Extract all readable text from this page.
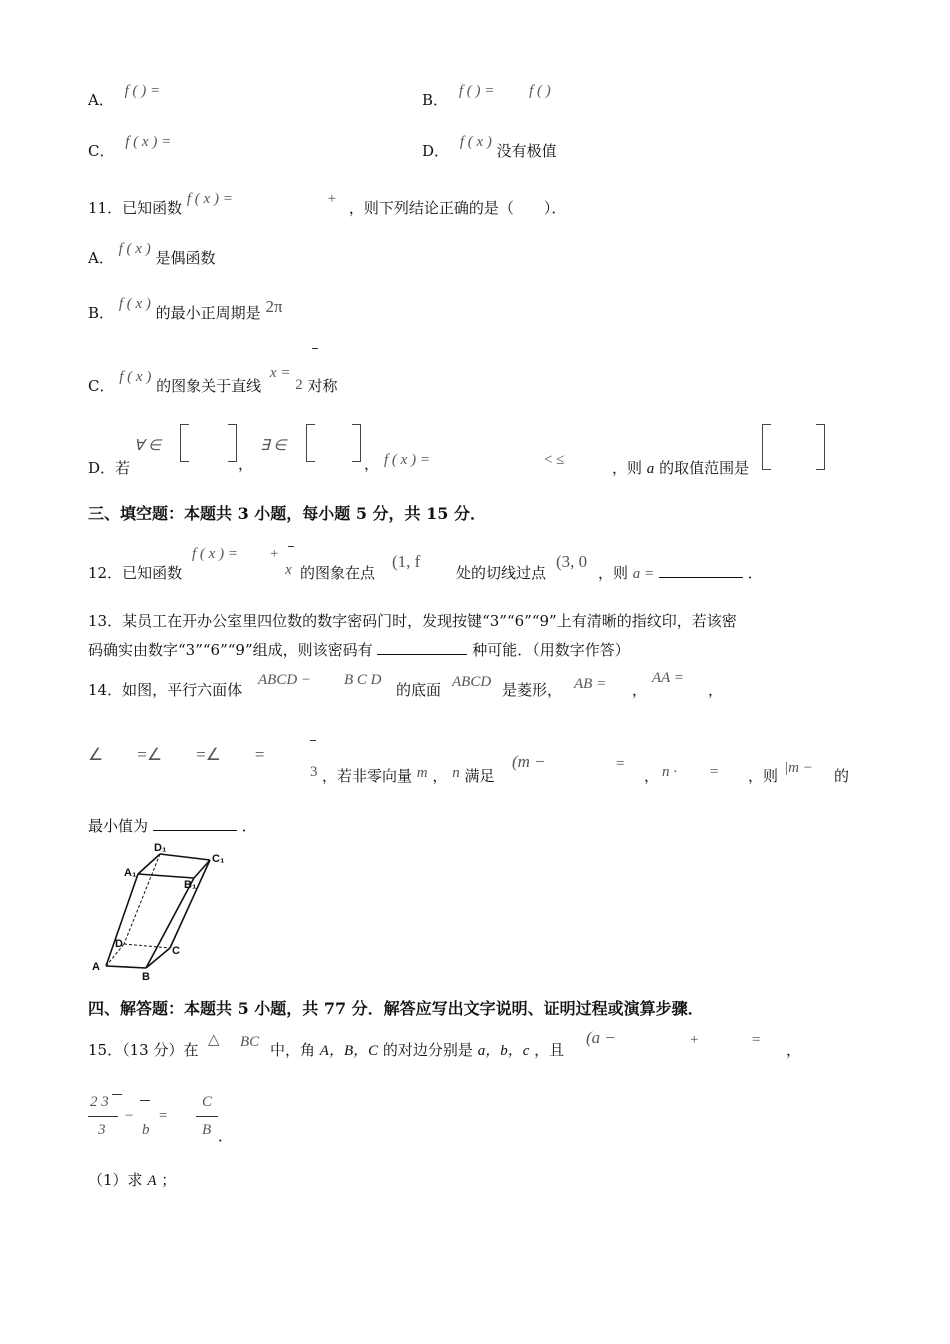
A． f ( ) =	B． f ( ) = f ( )
C． f ( x ) =	D． f ( x ) 没有极值
11．已知函数 f ( x ) =	+ ，则下列结论正确的是（　　）．
A． f ( x ) 是偶函数
B． f ( x ) 的最小正周期是 2π
C． f ( x ) 的图象关于直线 x = 2 对称
D．若
∀ ∈
，
∃ ∈
， f ( x ) =	< ≤	，则 a 的取值范围是
三、填空题：本题共 3 小题，每小题 5 分，共 15 分．
12．已知函数
f ( x ) = +
x 的图象在点
(1, f
处的切线过点
(3, 0
，则 a =	．
13．某员工在开办公室里四位数的数字密码门时，发现按键“3”“6”“9”上有清晰的指纹印，若该密
码确实由数字“3”“6”“9”组成，则该密码有	种可能．（用数字作答）
14．如图，平行六面体
ABCD − B C D
的底面 ABCD 是菱形， AB = ，
AA =
，
∠　　=∠　　=∠　　=
3 ，若非零向量 m ， n 满足
(m −	=
， n · = ，则 |m − 的
最小值为	．
D₁
C₁
A₁
B₁
D
C
A
B
四、解答题：本题共 5 小题，共 77 分．解答应写出文字说明、证明过程或演算步骤．
15．（13 分）在
△ BC 中，角 A，B，C 的对边分别是 a，b，c ，且
(a −	+	=
，
2 3
3
−
b
=
C
B ．
（1）求 A ；
